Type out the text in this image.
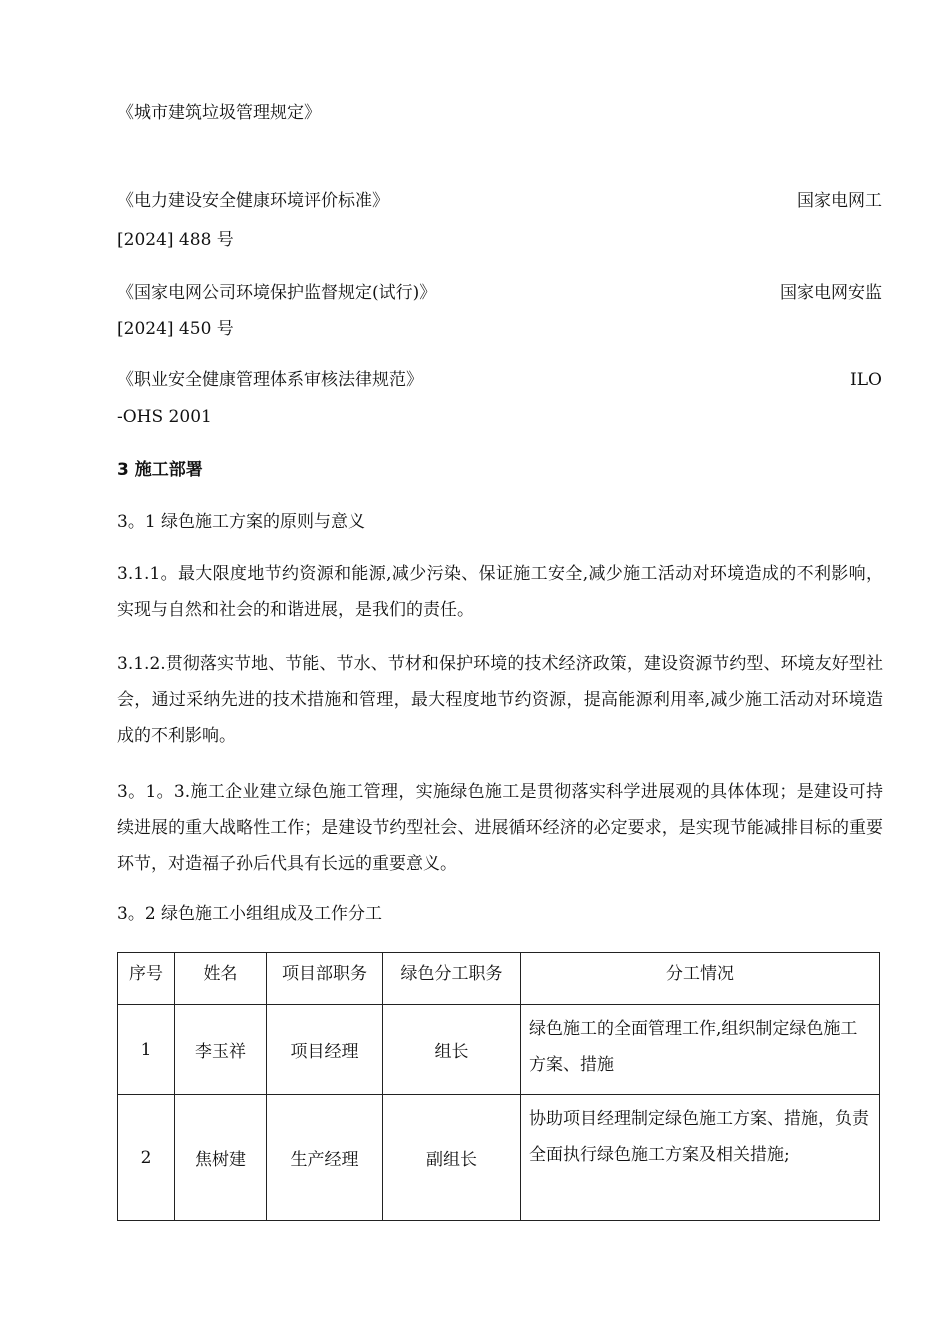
《城市建筑垃圾管理规定》
《电力建设安全健康环境评价标准》	国家电网工
[2024] 488 号
《国家电网公司环境保护监督规定(试行)》	国家电网安监
[2024] 450 号
《职业安全健康管理体系审核法律规范》	ILO
-OHS 2001
3 施工部署
3。1 绿色施工方案的原则与意义
3.1.1。最大限度地节约资源和能源,减少污染、保证施工安全,减少施工活动对环境造成的不利影响，实现与自然和社会的和谐进展，是我们的责任。
3.1.2.贯彻落实节地、节能、节水、节材和保护环境的技术经济政策，建设资源节约型、环境友好型社会，通过采纳先进的技术措施和管理，最大程度地节约资源，提高能源利用率,减少施工活动对环境造成的不利影响。
3。1。3.施工企业建立绿色施工管理，实施绿色施工是贯彻落实科学进展观的具体体现；是建设可持续进展的重大战略性工作；是建设节约型社会、进展循环经济的必定要求，是实现节能减排目标的重要环节，对造福子孙后代具有长远的重要意义。
3。2 绿色施工小组组成及工作分工
序号	姓名	项目部职务	绿色分工职务	分工情况
1	李玉祥	项目经理	组长	绿色施工的全面管理工作,组织制定绿色施工方案、措施
2	焦树建	生产经理	副组长	协助项目经理制定绿色施工方案、措施，负责全面执行绿色施工方案及相关措施;
